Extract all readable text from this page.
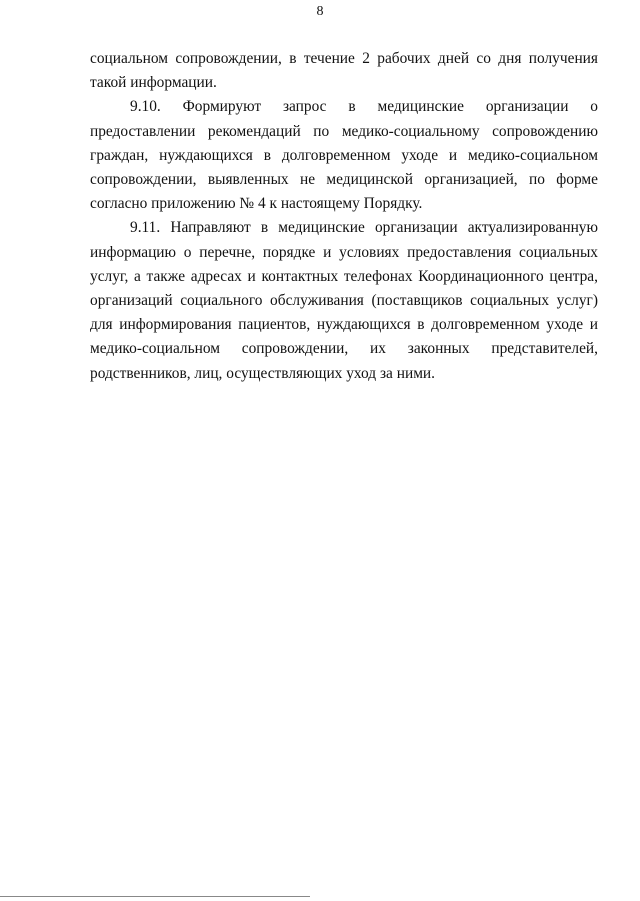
8

социальном сопровождении, в течение 2 рабочих дней со дня получения такой информации.

9.10. Формируют запрос в медицинские организации о предоставлении рекомендаций по медико-социальному сопровождению граждан, нуждающихся в долговременном уходе и медико-социальном сопровождении, выявленных не медицинской организацией, по форме согласно приложению № 4 к настоящему Порядку.

9.11. Направляют в медицинские организации актуализированную информацию о перечне, порядке и условиях предоставления социальных услуг, а также адресах и контактных телефонах Координационного центра, организаций социального обслуживания (поставщиков социальных услуг) для информирования пациентов, нуждающихся в долговременном уходе и медико-социальном сопровождении, их законных представителей, родственников, лиц, осуществляющих уход за ними.
